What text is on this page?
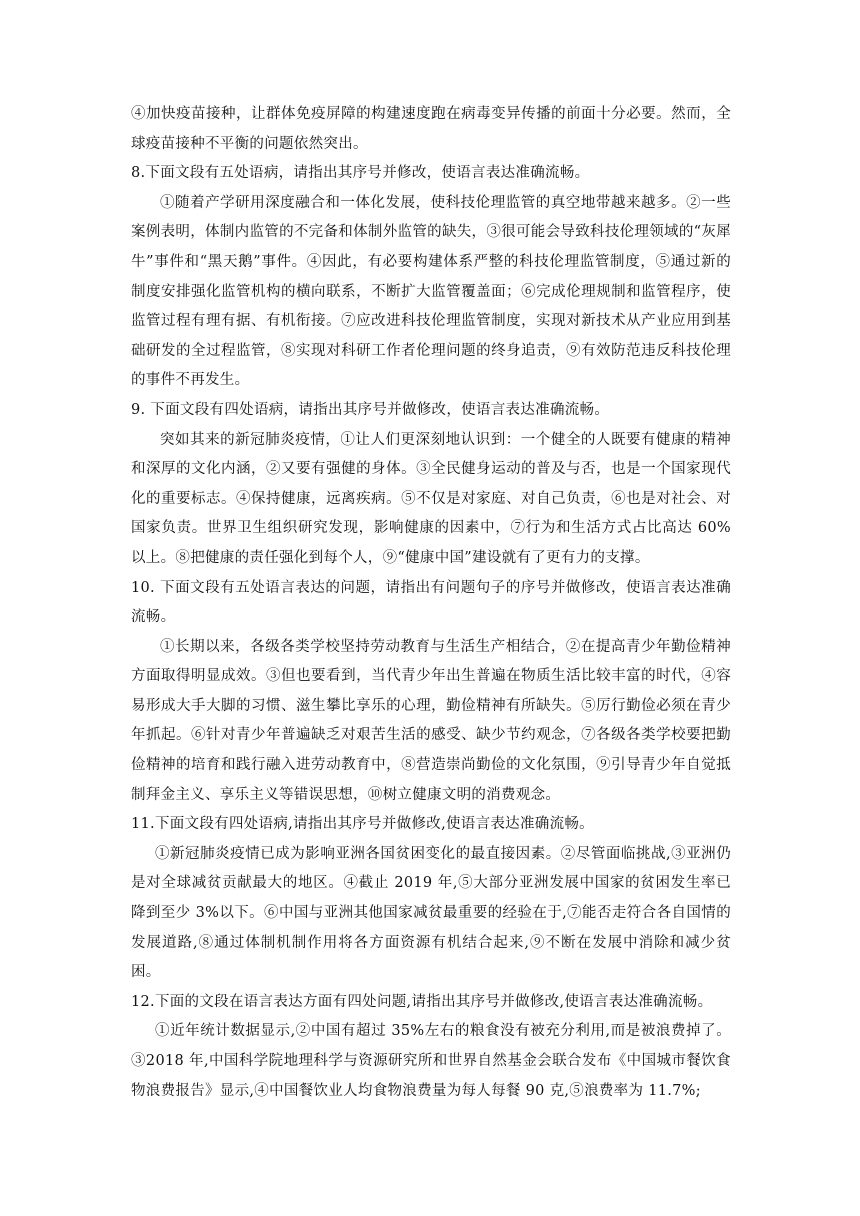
④加快疫苗接种，让群体免疫屏障的构建速度跑在病毒变异传播的前面十分必要。然而，全球疫苗接种不平衡的问题依然突出。

8.下面文段有五处语病，请指出其序号并修改，使语言表达准确流畅。

①随着产学研用深度融合和一体化发展，使科技伦理监管的真空地带越来越多。②一些案例表明，体制内监管的不完备和体制外监管的缺失，③很可能会导致科技伦理领域的“灰犀牛”事件和“黑天鹅”事件。④因此，有必要构建体系严整的科技伦理监管制度，⑤通过新的制度安排强化监管机构的横向联系，不断扩大监管覆盖面；⑥完成伦理规制和监管程序，使监管过程有理有据、有机衔接。⑦应改进科技伦理监管制度，实现对新技术从产业应用到基础研发的全过程监管，⑧实现对科研工作者伦理问题的终身追责，⑨有效防范违反科技伦理的事件不再发生。

9. 下面文段有四处语病，请指出其序号并做修改，使语言表达准确流畅。

突如其来的新冠肺炎疫情，①让人们更深刻地认识到：一个健全的人既要有健康的精神和深厚的文化内涵，②又要有强健的身体。③全民健身运动的普及与否，也是一个国家现代化的重要标志。④保持健康，远离疾病。⑤不仅是对家庭、对自己负责，⑥也是对社会、对国家负责。世界卫生组织研究发现，影响健康的因素中，⑦行为和生活方式占比高达 60%以上。⑧把健康的责任强化到每个人，⑨“健康中国”建设就有了更有力的支撑。

10. 下面文段有五处语言表达的问题，请指出有问题句子的序号并做修改，使语言表达准确流畅。

①长期以来，各级各类学校坚持劳动教育与生活生产相结合，②在提高青少年勤俭精神方面取得明显成效。③但也要看到，当代青少年出生普遍在物质生活比较丰富的时代，④容易形成大手大脚的习惯、滋生攀比享乐的心理，勤俭精神有所缺失。⑤厉行勤俭必须在青少年抓起。⑥针对青少年普遍缺乏对艰苦生活的感受、缺少节约观念，⑦各级各类学校要把勤俭精神的培育和践行融入进劳动教育中，⑧营造崇尚勤俭的文化氛围，⑨引导青少年自觉抵制拜金主义、享乐主义等错误思想，⑩树立健康文明的消费观念。

11.下面文段有四处语病,请指出其序号并做修改,使语言表达准确流畅。

①新冠肺炎疫情已成为影响亚洲各国贫困变化的最直接因素。②尽管面临挑战,③亚洲仍是对全球减贫贡献最大的地区。④截止 2019 年,⑤大部分亚洲发展中国家的贫困发生率已降到至少 3%以下。⑥中国与亚洲其他国家减贫最重要的经验在于,⑦能否走符合各自国情的发展道路,⑧通过体制机制作用将各方面资源有机结合起来,⑨不断在发展中消除和减少贫困。

12.下面的文段在语言表达方面有四处问题,请指出其序号并做修改,使语言表达准确流畅。

①近年统计数据显示,②中国有超过 35%左右的粮食没有被充分利用,而是被浪费掉了。③2018 年,中国科学院地理科学与资源研究所和世界自然基金会联合发布《中国城市餐饮食物浪费报告》显示,④中国餐饮业人均食物浪费量为每人每餐 90 克,⑤浪费率为 11.7%;
